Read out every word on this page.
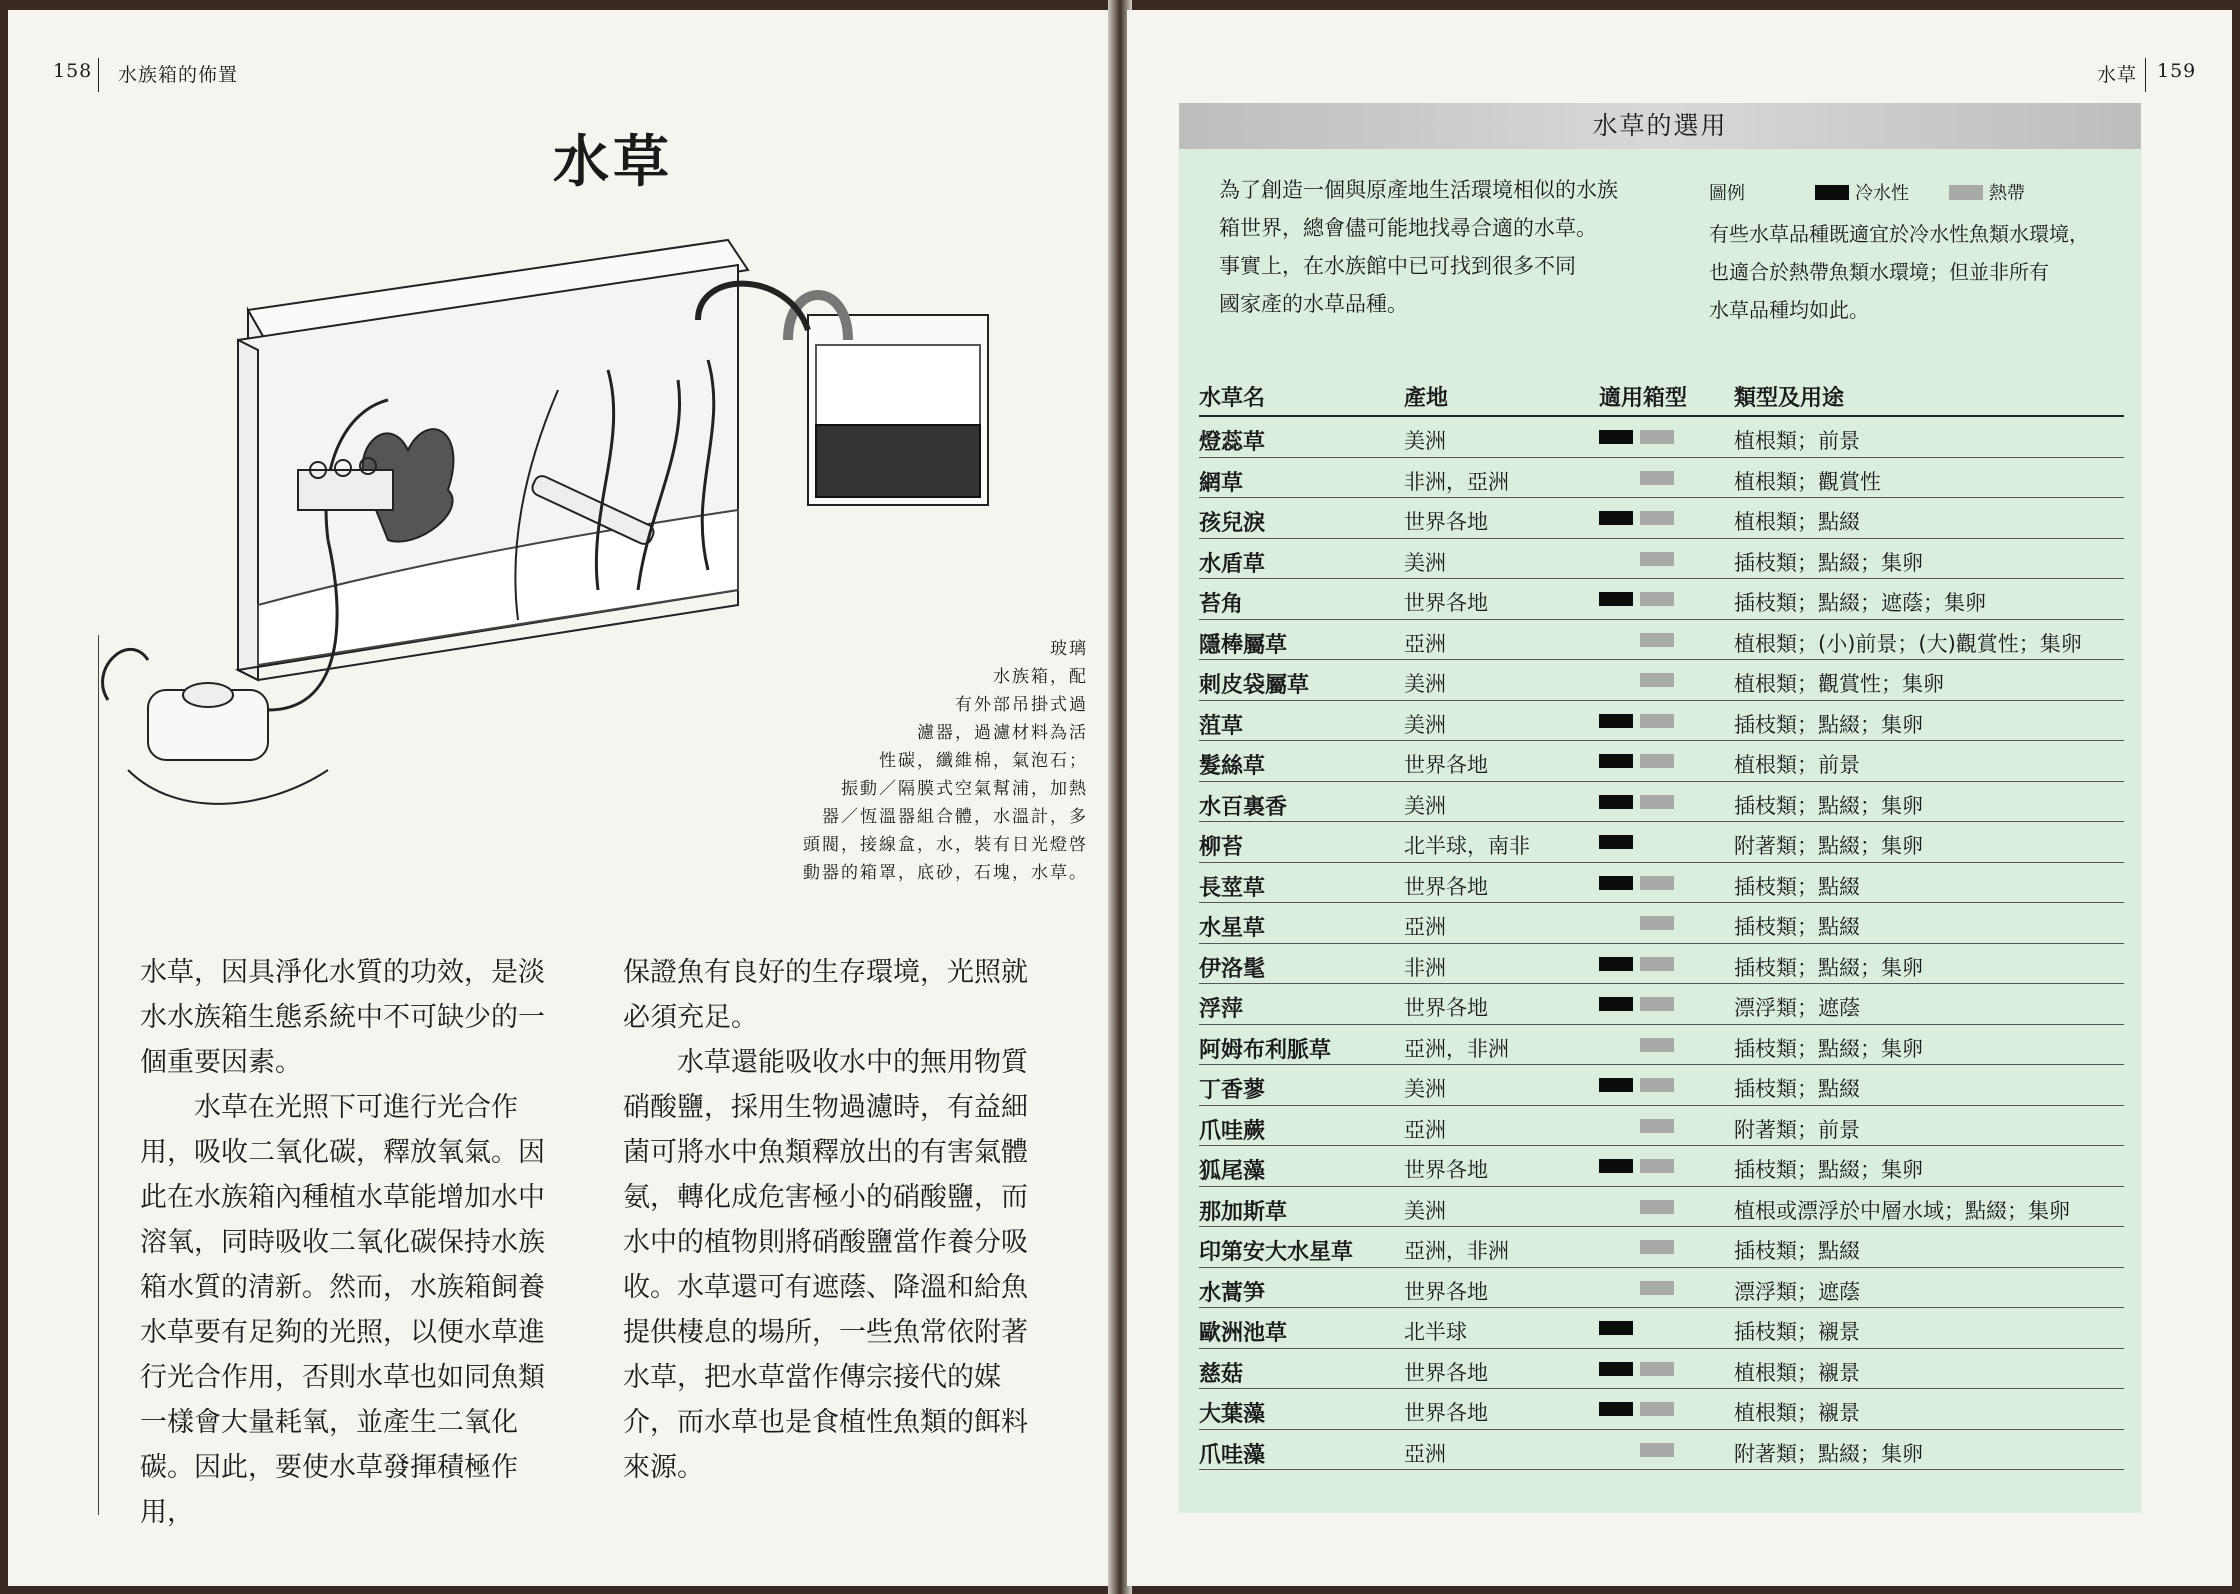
158 水族箱的佈置
水草
玻璃
水族箱，配
有外部吊掛式過
濾器，過濾材料為活
性碳，纖維棉，氣泡石；
振動／隔膜式空氣幫浦，加熱
器／恆溫器組合體，水溫計，多
頭閥，接線盒，水，裝有日光燈啓
動器的箱罩，底砂，石塊，水草。

水草，因具淨化水質的功效，是淡水水族箱生態系統中不可缺少的一個重要因素。

水草在光照下可進行光合作用，吸收二氧化碳，釋放氧氣。因此在水族箱內種植水草能增加水中溶氧，同時吸收二氧化碳保持水族箱水質的清新。然而，水族箱飼養水草要有足夠的光照，以便水草進行光合作用，否則水草也如同魚類一樣會大量耗氧，並產生二氧化碳。因此，要使水草發揮積極作用，

保證魚有良好的生存環境，光照就必須充足。

水草還能吸收水中的無用物質硝酸鹽，採用生物過濾時，有益細菌可將水中魚類釋放出的有害氣體氨，轉化成危害極小的硝酸鹽，而水中的植物則將硝酸鹽當作養分吸收。水草還可有遮蔭、降溫和給魚提供棲息的場所，一些魚常依附著水草，把水草當作傳宗接代的媒介，而水草也是食植性魚類的餌料來源。

水草 159
水草的選用
為了創造一個與原產地生活環境相似的水族
箱世界，總會儘可能地找尋合適的水草。
事實上，在水族館中已可找到很多不同
國家產的水草品種。
圖例	冷水性	熱帶
有些水草品種既適宜於冷水性魚類水環境，
也適合於熱帶魚類水環境；但並非所有
水草品種均如此。
水草名	產地	適用箱型 類型及用途
燈蕊草	美洲	植根類；前景
網草	非洲，亞洲	植根類；觀賞性
孩兒淚	世界各地	植根類；點綴
水盾草	美洲	插枝類；點綴；集卵
苔角	世界各地	插枝類；點綴；遮蔭；集卵
隱棒屬草	亞洲	植根類；(小)前景；(大)觀賞性；集卵
刺皮袋屬草	美洲	植根類；觀賞性；集卵
菹草	美洲	插枝類；點綴；集卵
髮絲草	世界各地	植根類；前景
水百裏香	美洲	插枝類；點綴；集卵
柳苔	北半球，南非	附著類；點綴；集卵
長莖草	世界各地	插枝類；點綴
水星草	亞洲	插枝類；點綴
伊洛髦	非洲	插枝類；點綴；集卵
浮萍	世界各地	漂浮類；遮蔭
阿姆布利脈草	亞洲，非洲	插枝類；點綴；集卵
丁香蓼	美洲	插枝類；點綴
爪哇蕨	亞洲	附著類；前景
狐尾藻	世界各地	插枝類；點綴；集卵
那加斯草	美洲	植根或漂浮於中層水域；點綴；集卵
印第安大水星草 亞洲，非洲	插枝類；點綴
水蒿笋	世界各地	漂浮類；遮蔭
歐洲池草	北半球	插枝類；襯景
慈菇	世界各地	植根類；襯景
大葉藻	世界各地	植根類；襯景
爪哇藻	亞洲	附著類；點綴；集卵
